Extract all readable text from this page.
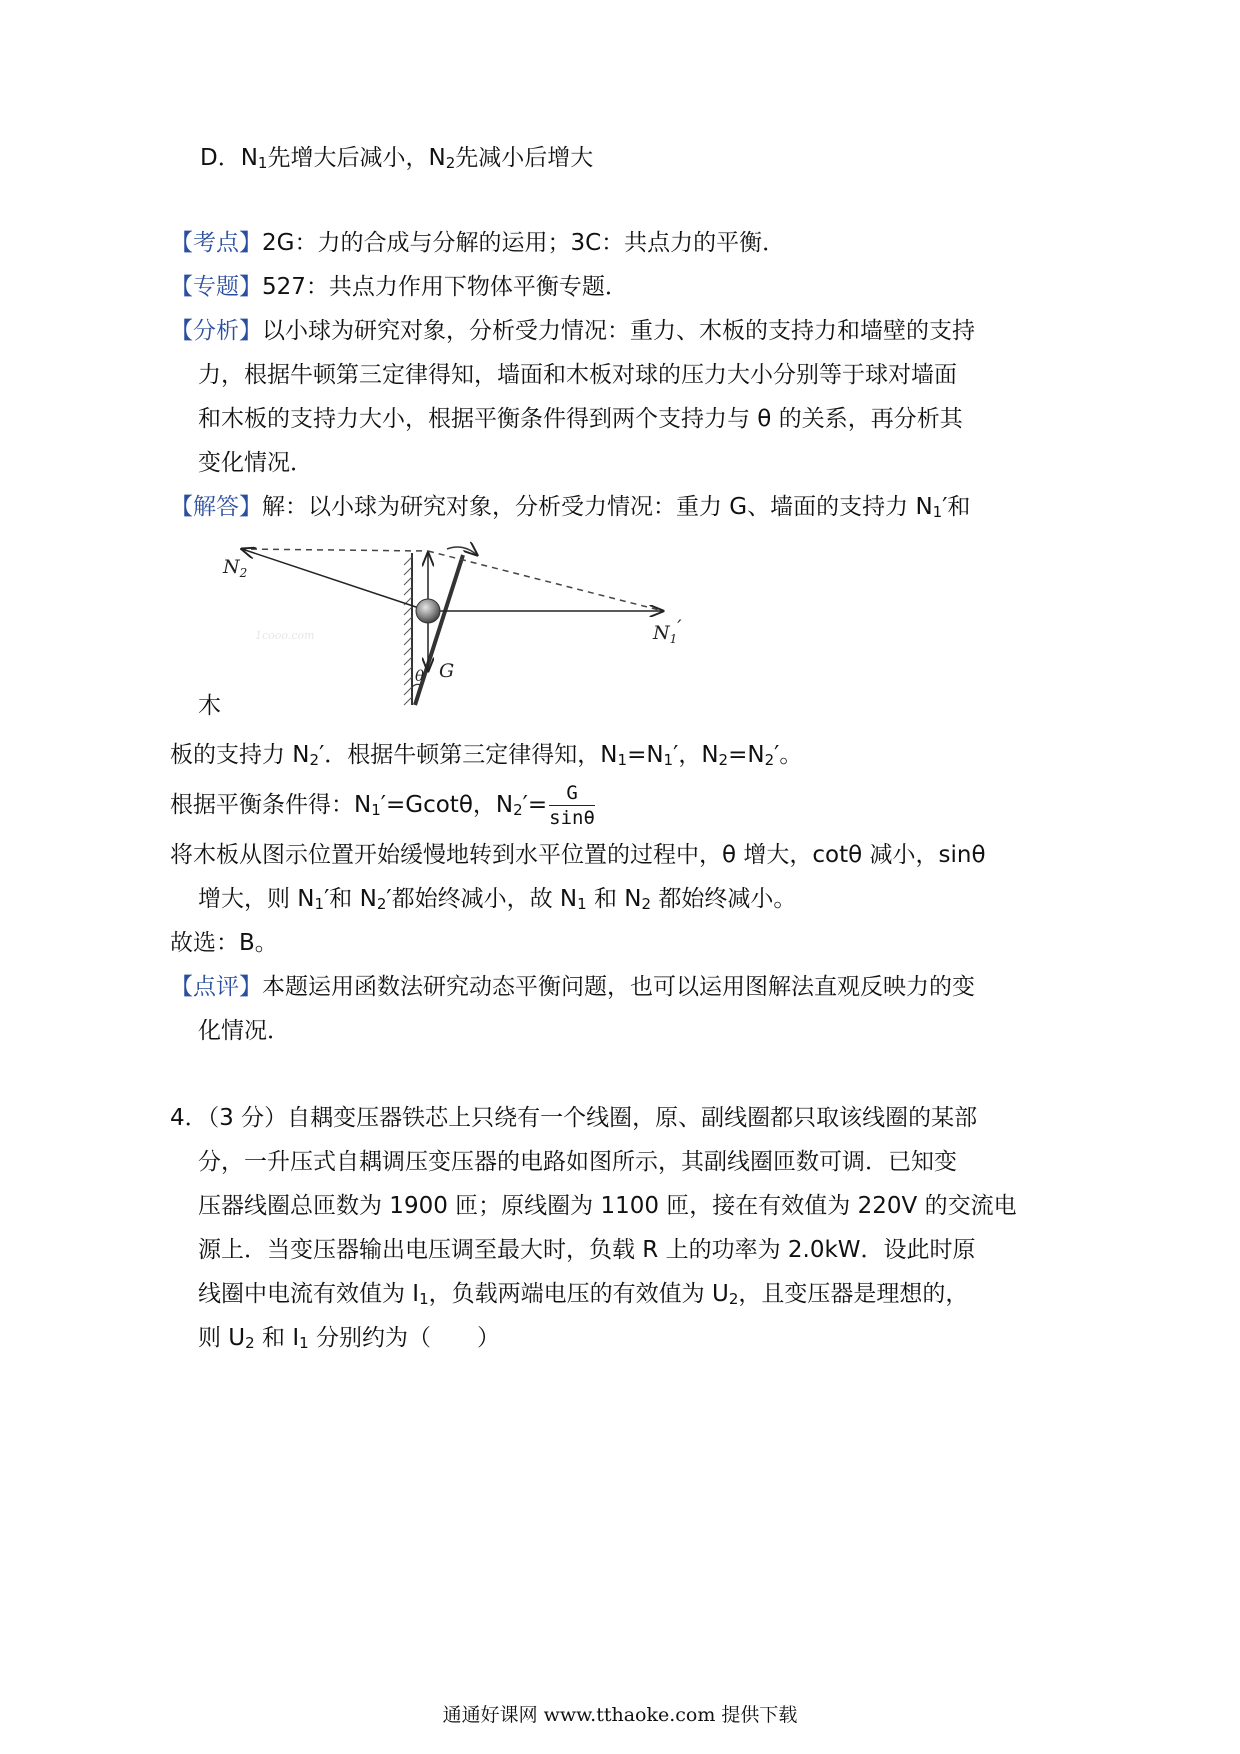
D．$N_1$先增大后减小，$N_2$先减小后增大
【考点】2G：力的合成与分解的运用；3C：共点力的平衡．
【专题】527：共点力作用下物体平衡专题．
【分析】以小球为研究对象，分析受力情况：重力、木板的支持力和墙壁的支持
力，根据牛顿第三定律得知，墙面和木板对球的压力大小分别等于球对墙面
和木板的支持力大小，根据平衡条件得到两个支持力与 θ 的关系，再分析其
变化情况．
【解答】解：以小球为研究对象，分析受力情况：重力 G、墙面的支持力 $N_1'$和
$N_2$
$N_1'$
G
θ
1cooo.com
木
板的支持力 $N_2'$．根据牛顿第三定律得知，$N_1=N_1'$，$N_2=N_2'$。
根据平衡条件得：$N_1'=Gcot\theta$，$N_2'= \frac{G}{\sin\theta}$
将木板从图示位置开始缓慢地转到水平位置的过程中，θ 增大，cotθ 减小，sinθ
增大，则 $N_1'$和 $N_2'$都始终减小，故 $N_1$ 和 $N_2$ 都始终减小。
故选：B。
【点评】本题运用函数法研究动态平衡问题，也可以运用图解法直观反映力的变
化情况．
4．（3 分）自耦变压器铁芯上只绕有一个线圈，原、副线圈都只取该线圈的某部
分，一升压式自耦调压变压器的电路如图所示，其副线圈匝数可调．已知变
压器线圈总匝数为 1900 匝；原线圈为 1100 匝，接在有效值为 220V 的交流电
源上．当变压器输出电压调至最大时，负载 R 上的功率为 2.0kW．设此时原
线圈中电流有效值为 $I_1$，负载两端电压的有效值为 $U_2$，且变压器是理想的，
则 $U_2$ 和 $I_1$ 分别约为（　　）
通通好课网 www.tthaoke.com 提供下载
